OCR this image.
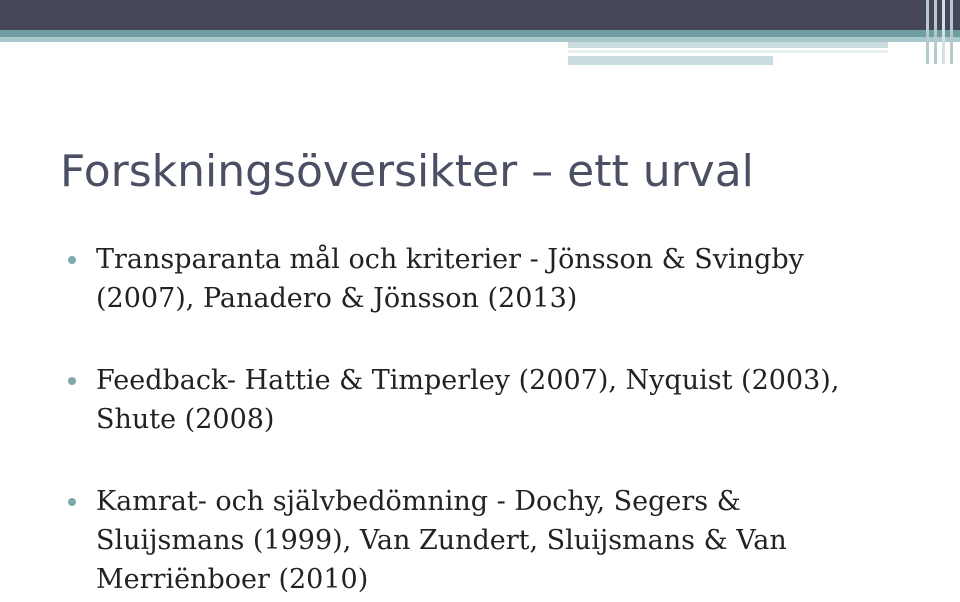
Forskningsöversikter – ett urval
Transparanta mål och kriterier - Jönsson & Svingby
(2007), Panadero & Jönsson (2013)
Feedback- Hattie & Timperley (2007), Nyquist (2003),
Shute (2008)
Kamrat- och självbedömning - Dochy, Segers &
Sluijsmans (1999), Van Zundert, Sluijsmans & Van
Merriënboer (2010)
